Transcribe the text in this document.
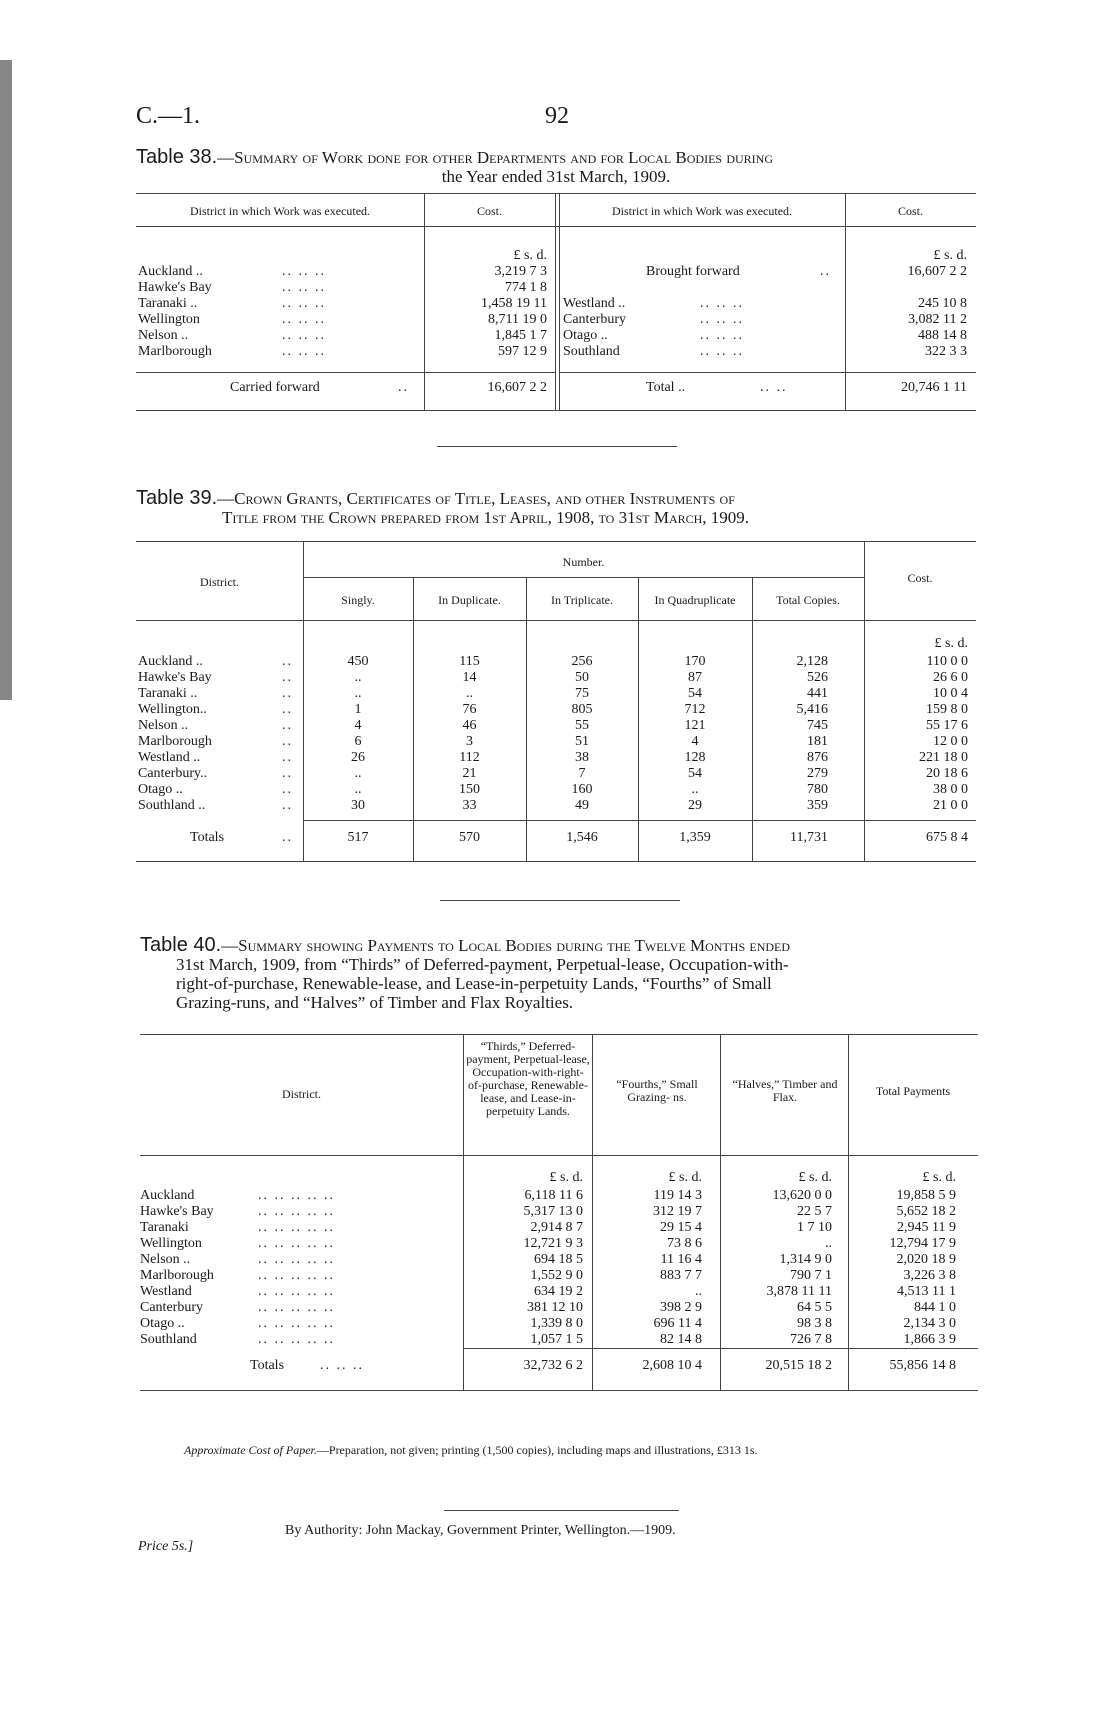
C.—1.	92
Table 38.—Summary of Work done for other Departments and for Local Bodies during
the Year ended 31st March, 1909.
District in which Work was executed.	Cost.	District in which Work was executed.	Cost.
£ s. d.	£ s. d.
Auckland ..	.. .. ..	3,219 7 3
Hawke's Bay	.. .. ..	774 1 8
Taranaki ..	.. .. ..	1,458 19 11
Wellington	.. .. ..	8,711 19 0
Nelson ..	.. .. ..	1,845 1 7
Marlborough	.. .. ..	597 12 9
Westland ..	.. .. ..	245 10 8
Canterbury	.. .. ..	3,082 11 2
Otago ..	.. .. ..	488 14 8
Southland	.. .. ..	322 3 3
Carried forward	..	16,607 2 2
Brought forward	..	16,607 2 2
Total ..	.. ..	20,746 1 11
Table 39.—Crown Grants, Certificates of Title, Leases, and other Instruments of
Title from the Crown prepared from 1st April, 1908, to 31st March, 1909.
District.
Number.
Cost.
Singly.	In Duplicate.	In Triplicate.	In Quadruplicate	Total Copies.
£ s. d.
Auckland ..	..	450	115	256	170	2,128	110 0 0
Hawke's Bay	..	..	14	50	87	526	26 6 0
Taranaki ..	..	..	..	75	54	441	10 0 4
Wellington..	..	1	76	805	712	5,416	159 8 0
Nelson ..	..	4	46	55	121	745	55 17 6
Marlborough	..	6	3	51	4	181	12 0 0
Westland ..	..	26	112	38	128	876	221 18 0
Canterbury..	..	..	21	7	54	279	20 18 6
Otago ..	..	..	150	160	..	780	38 0 0
Southland ..	..	30	33	49	29	359	21 0 0
Totals	..	517	570	1,546	1,359	11,731	675 8 4
Table 40.—Summary showing Payments to Local Bodies during the Twelve Months ended
31st March, 1909, from “Thirds” of Deferred-payment, Perpetual-lease, Occupation-with-
right-of-purchase, Renewable-lease, and Lease-in-perpetuity Lands, “Fourths” of Small
Grazing-runs, and “Halves” of Timber and Flax Royalties.
District.
“Thirds,” Deferred-payment, Perpetual-lease, Occupation-with-right-of-purchase, Renewable-lease, and Lease-in-perpetuity Lands.
“Fourths,” Small Grazing- ns.
“Halves,” Timber and Flax.	Total Payments
£ s. d.	£ s. d.	£ s. d.	£ s. d.
Auckland	.. .. .. .. ..	6,118 11 6	119 14 3	13,620 0 0	19,858 5 9
Hawke's Bay	.. .. .. .. ..	5,317 13 0	312 19 7	22 5 7	5,652 18 2
Taranaki	.. .. .. .. ..	2,914 8 7	29 15 4	1 7 10	2,945 11 9
Wellington	.. .. .. .. ..	12,721 9 3	73 8 6	..	12,794 17 9
Nelson ..	.. .. .. .. ..	694 18 5	11 16 4	1,314 9 0	2,020 18 9
Marlborough	.. .. .. .. ..	1,552 9 0	883 7 7	790 7 1	3,226 3 8
Westland	.. .. .. .. ..	634 19 2	..	3,878 11 11	4,513 11 1
Canterbury	.. .. .. .. ..	381 12 10	398 2 9	64 5 5	844 1 0
Otago ..	.. .. .. .. ..	1,339 8 0	696 11 4	98 3 8	2,134 3 0
Southland	.. .. .. .. ..	1,057 1 5	82 14 8	726 7 8	1,866 3 9
Totals	.. .. ..	32,732 6 2	2,608 10 4	20,515 18 2	55,856 14 8
Approximate Cost of Paper.—Preparation, not given; printing (1,500 copies), including maps and illustrations, £313 1s.
By Authority: John Mackay, Government Printer, Wellington.—1909.
Price 5s.]
